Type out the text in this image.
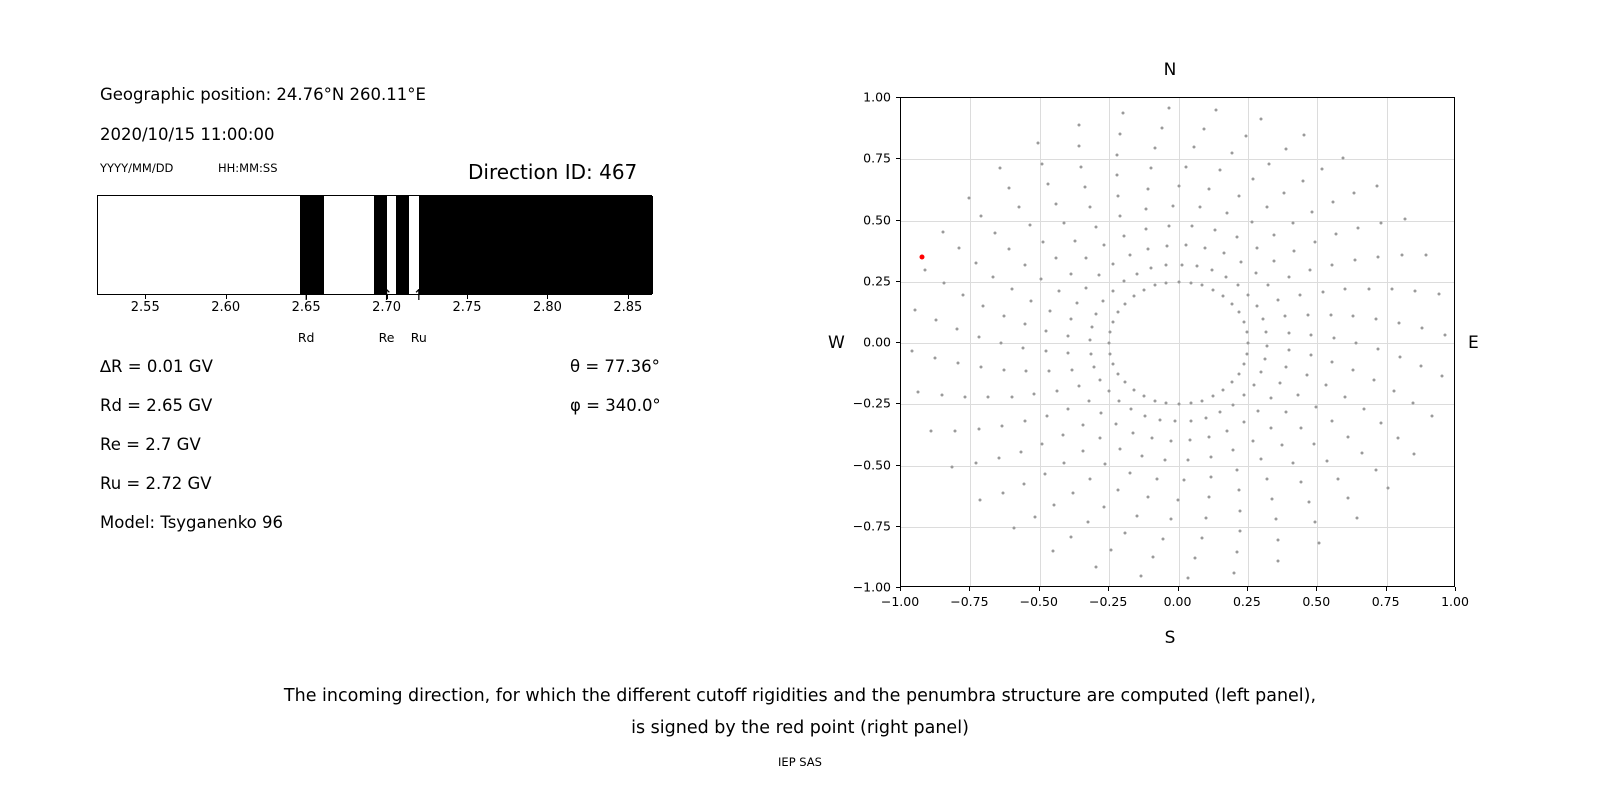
Geographic position: 24.76°N 260.11°E
2020/10/15 11:00:00
YYYY/MM/DD	HH:MM:SS	Direction ID: 467
2.55	2.60	2.65	2.70	2.75	2.80	2.85
↑
Rd
↑
Re
↑
Ru
∆R = 0.01 GV
Rd = 2.65 GV
Re = 2.7 GV
Ru = 2.72 GV
Model: Tsyganenko 96
θ = 77.36°
φ = 340.0°
N
S
W	E
−1.00 −0.75 −0.50 −0.25	0.00	0.25	0.50	0.75	1.00
−1.00
−0.75
−0.50
−0.25
0.00
0.25
0.50
0.75
1.00
The incoming direction, for which the different cutoff rigidities and the penumbra structure are computed (left panel),
is signed by the red point (right panel)
IEP SAS
